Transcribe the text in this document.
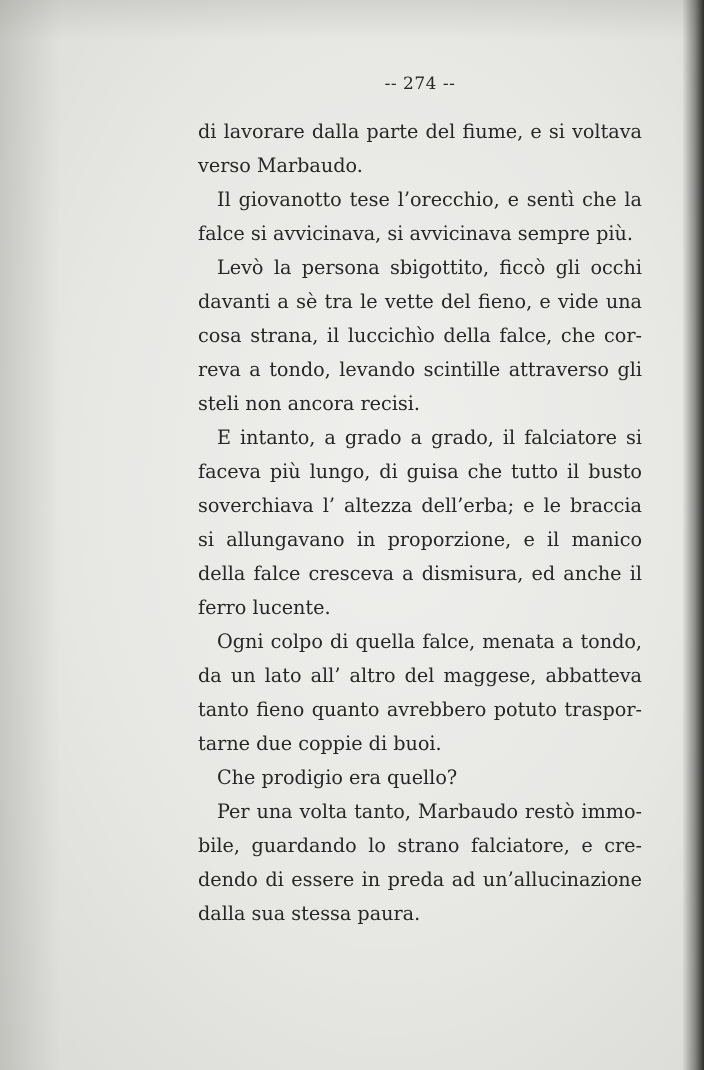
-- 274 --
di lavorare dalla parte del fiume, e si voltava
verso Marbaudo.
Il giovanotto tese l’orecchio, e sentì che la
falce si avvicinava, si avvicinava sempre più.
Levò la persona sbigottito, ficcò gli occhi
davanti a sè tra le vette del fieno, e vide una
cosa strana, il luccichìo della falce, che cor-
reva a tondo, levando scintille attraverso gli
steli non ancora recisi.
E intanto, a grado a grado, il falciatore si
faceva più lungo, di guisa che tutto il busto
soverchiava l’ altezza dell’erba; e le braccia
si allungavano in proporzione, e il manico
della falce cresceva a dismisura, ed anche il
ferro lucente.
Ogni colpo di quella falce, menata a tondo,
da un lato all’ altro del maggese, abbatteva
tanto fieno quanto avrebbero potuto traspor-
tarne due coppie di buoi.
Che prodigio era quello?
Per una volta tanto, Marbaudo restò immo-
bile, guardando lo strano falciatore, e cre-
dendo di essere in preda ad un’allucinazione
dalla sua stessa paura.
